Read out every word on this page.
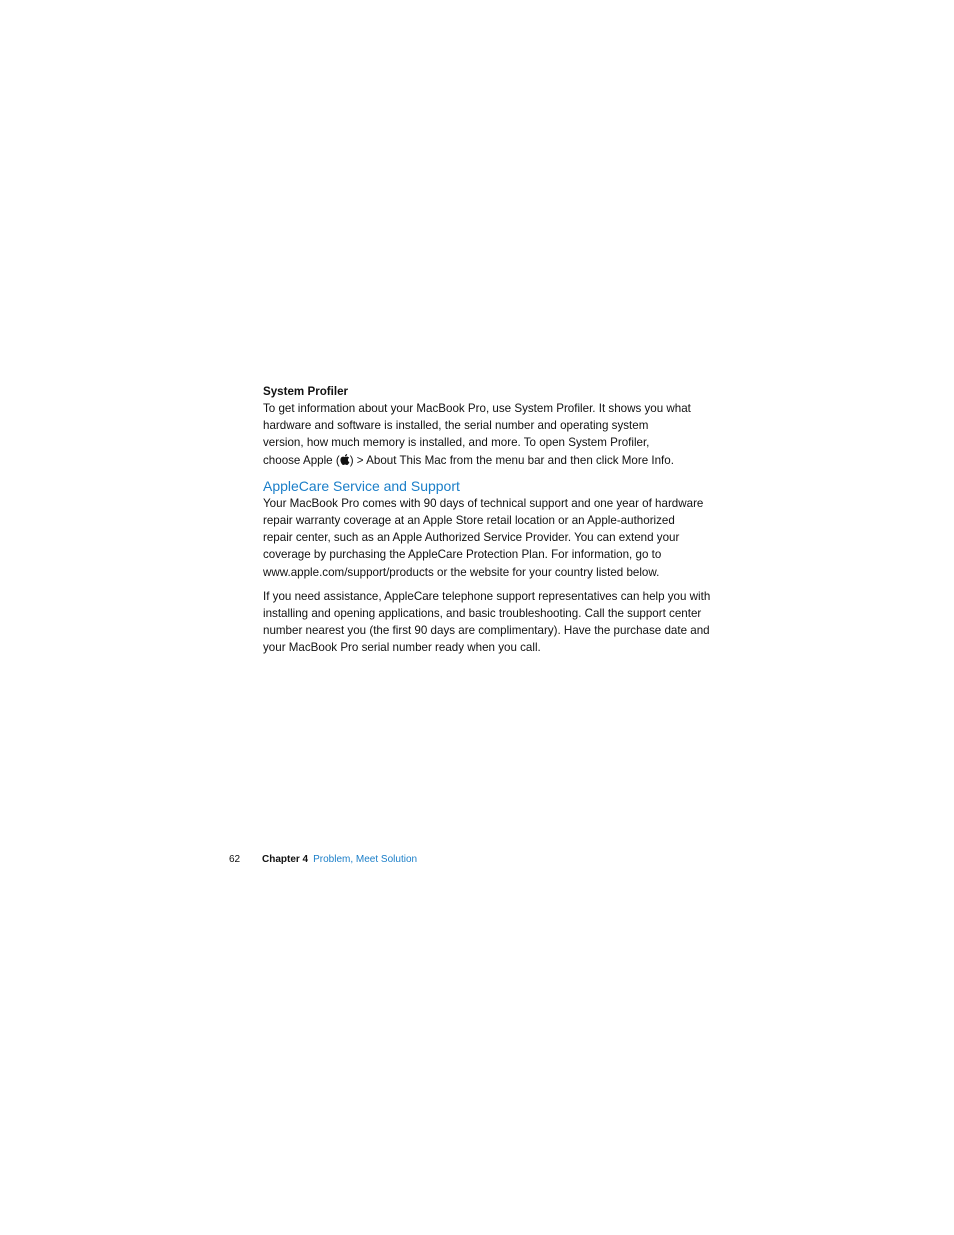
System Profiler

To get information about your MacBook Pro, use System Profiler. It shows you what
hardware and software is installed, the serial number and operating system
version, how much memory is installed, and more. To open System Profiler,
choose Apple ( ) > About This Mac from the menu bar and then click More Info.

AppleCare Service and Support

Your MacBook Pro comes with 90 days of technical support and one year of hardware
repair warranty coverage at an Apple Store retail location or an Apple-authorized
repair center, such as an Apple Authorized Service Provider. You can extend your
coverage by purchasing the AppleCare Protection Plan. For information, go to
www.apple.com/support/products or the website for your country listed below.

If you need assistance, AppleCare telephone support representatives can help you with
installing and opening applications, and basic troubleshooting. Call the support center
number nearest you (the first 90 days are complimentary). Have the purchase date and
your MacBook Pro serial number ready when you call.

62 Chapter 4 Problem, Meet Solution
